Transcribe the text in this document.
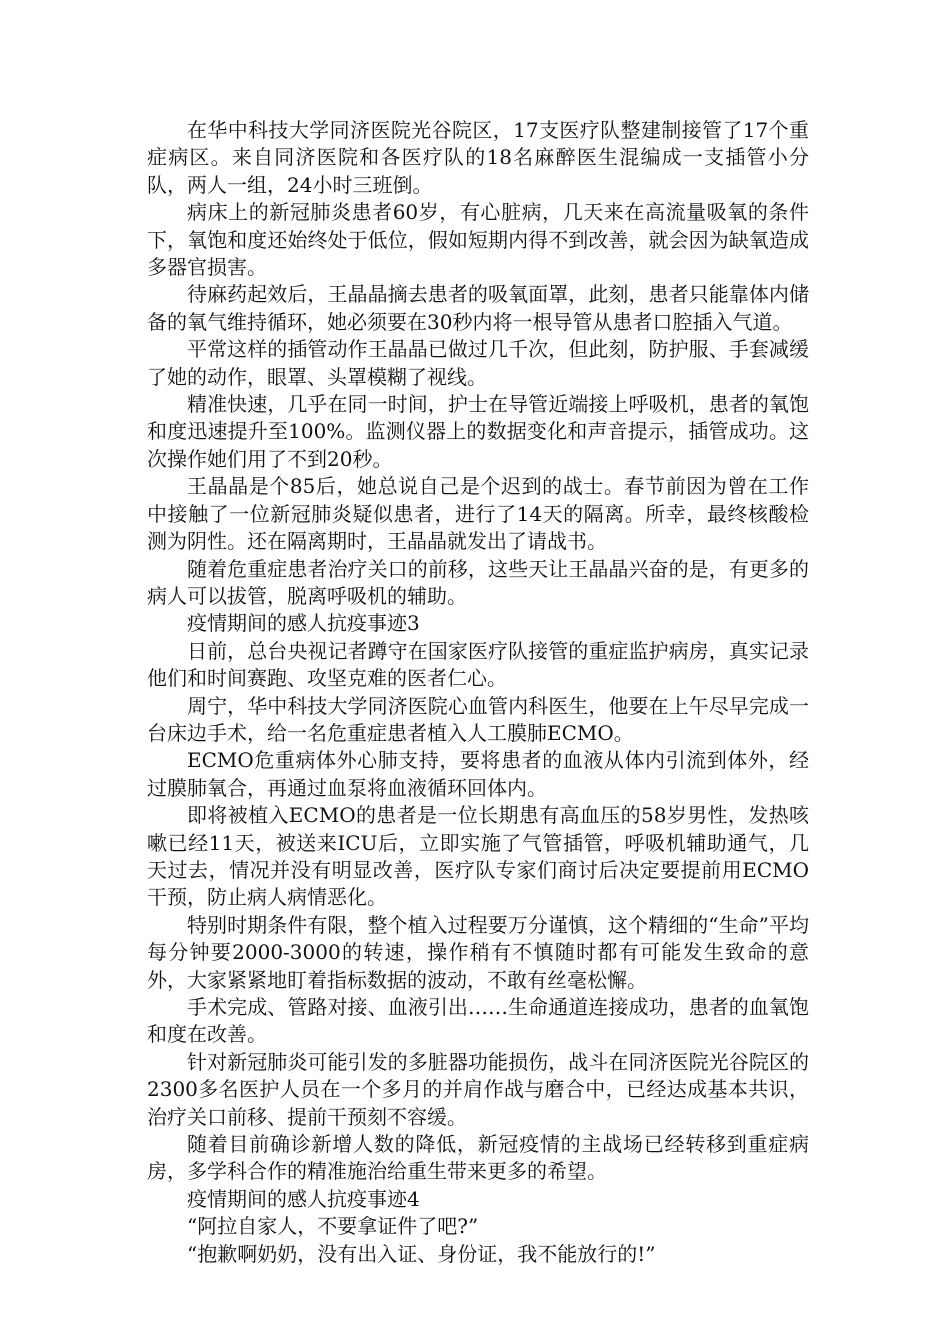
在华中科技大学同济医院光谷院区，17支医疗队整建制接管了17个重症病区。来自同济医院和各医疗队的18名麻醉医生混编成一支插管小分队，两人一组，24小时三班倒。

病床上的新冠肺炎患者60岁，有心脏病，几天来在高流量吸氧的条件下，氧饱和度还始终处于低位，假如短期内得不到改善，就会因为缺氧造成多器官损害。

待麻药起效后，王晶晶摘去患者的吸氧面罩，此刻，患者只能靠体内储备的氧气维持循环，她必须要在30秒内将一根导管从患者口腔插入气道。

平常这样的插管动作王晶晶已做过几千次，但此刻，防护服、手套减缓了她的动作，眼罩、头罩模糊了视线。

精准快速，几乎在同一时间，护士在导管近端接上呼吸机，患者的氧饱和度迅速提升至100%。监测仪器上的数据变化和声音提示，插管成功。这次操作她们用了不到20秒。

王晶晶是个85后，她总说自己是个迟到的战士。春节前因为曾在工作中接触了一位新冠肺炎疑似患者，进行了14天的隔离。所幸，最终核酸检测为阴性。还在隔离期时，王晶晶就发出了请战书。

随着危重症患者治疗关口的前移，这些天让王晶晶兴奋的是，有更多的病人可以拔管，脱离呼吸机的辅助。

疫情期间的感人抗疫事迹3

日前，总台央视记者蹲守在国家医疗队接管的重症监护病房，真实记录他们和时间赛跑、攻坚克难的医者仁心。

周宁，华中科技大学同济医院心血管内科医生，他要在上午尽早完成一台床边手术，给一名危重症患者植入人工膜肺ECMO。

ECMO危重病体外心肺支持，要将患者的血液从体内引流到体外，经过膜肺氧合，再通过血泵将血液循环回体内。

即将被植入ECMO的患者是一位长期患有高血压的58岁男性，发热咳嗽已经11天，被送来ICU后，立即实施了气管插管，呼吸机辅助通气，几天过去，情况并没有明显改善，医疗队专家们商讨后决定要提前用ECMO干预，防止病人病情恶化。

特别时期条件有限，整个植入过程要万分谨慎，这个精细的“生命”平均每分钟要2000-3000的转速，操作稍有不慎随时都有可能发生致命的意外，大家紧紧地盯着指标数据的波动，不敢有丝毫松懈。

手术完成、管路对接、血液引出……生命通道连接成功，患者的血氧饱和度在改善。

针对新冠肺炎可能引发的多脏器功能损伤，战斗在同济医院光谷院区的2300多名医护人员在一个多月的并肩作战与磨合中，已经达成基本共识，治疗关口前移、提前干预刻不容缓。

随着目前确诊新增人数的降低，新冠疫情的主战场已经转移到重症病房，多学科合作的精准施治给重生带来更多的希望。

疫情期间的感人抗疫事迹4

“阿拉自家人，不要拿证件了吧?”

“抱歉啊奶奶，没有出入证、身份证，我不能放行的!”
